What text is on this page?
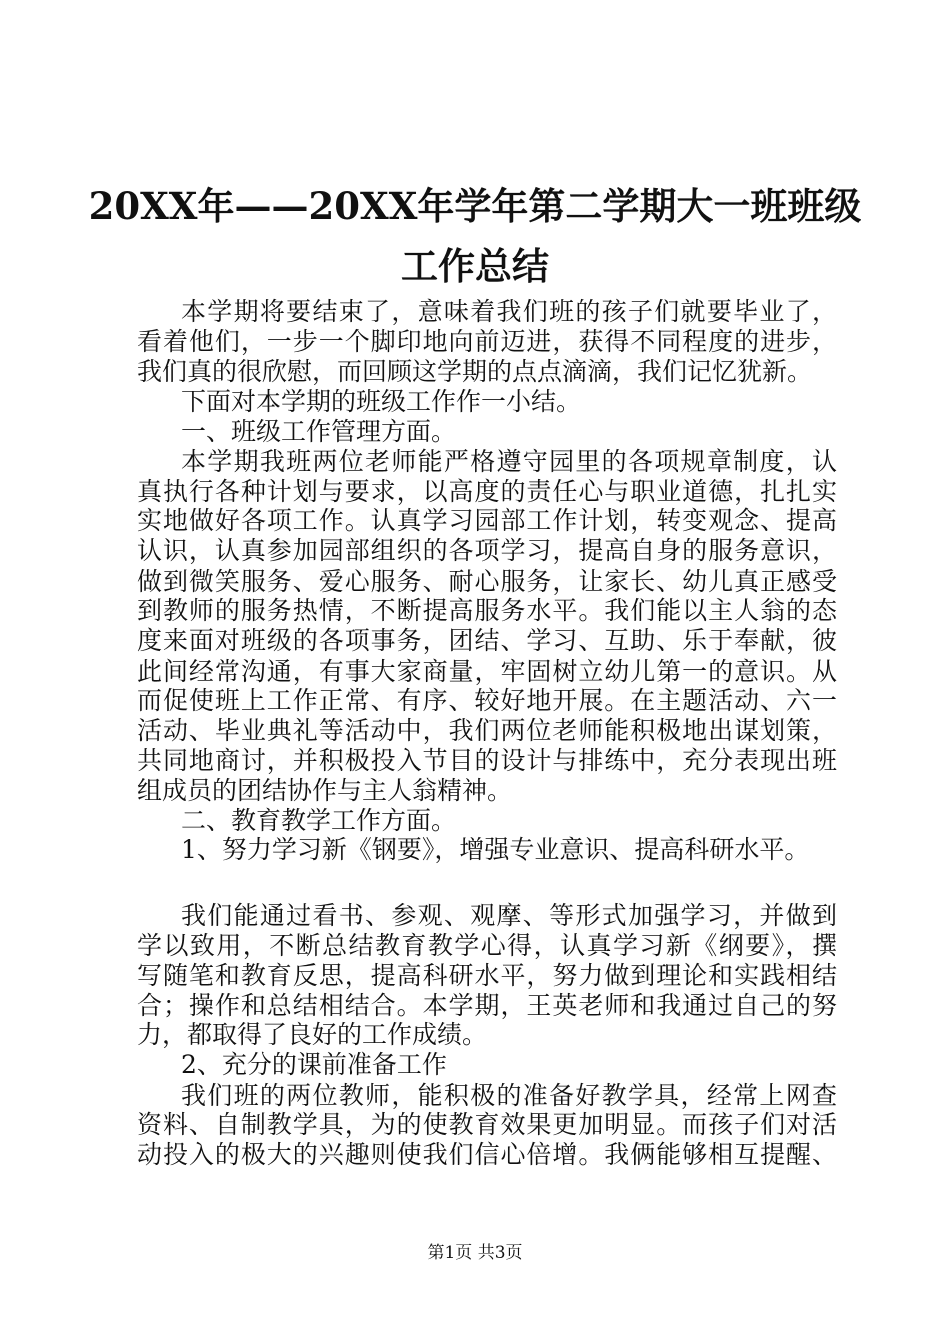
20XX年——20XX年学年第二学期大一班班级
工作总结
本学期将要结束了，意味着我们班的孩子们就要毕业了，
看着他们，一步一个脚印地向前迈进，获得不同程度的进步，
我们真的很欣慰，而回顾这学期的点点滴滴，我们记忆犹新。
下面对本学期的班级工作作一小结。
一、班级工作管理方面。
本学期我班两位老师能严格遵守园里的各项规章制度，认
真执行各种计划与要求，以高度的责任心与职业道德，扎扎实
实地做好各项工作。认真学习园部工作计划，转变观念、提高
认识，认真参加园部组织的各项学习，提高自身的服务意识，
做到微笑服务、爱心服务、耐心服务，让家长、幼儿真正感受
到教师的服务热情，不断提高服务水平。我们能以主人翁的态
度来面对班级的各项事务，团结、学习、互助、乐于奉献，彼
此间经常沟通，有事大家商量，牢固树立幼儿第一的意识。从
而促使班上工作正常、有序、较好地开展。在主题活动、六一
活动、毕业典礼等活动中，我们两位老师能积极地出谋划策，
共同地商讨，并积极投入节目的设计与排练中，充分表现出班
组成员的团结协作与主人翁精神。
二、教育教学工作方面。
1、努力学习新《钢要》，增强专业意识、提高科研水平。
我们能通过看书、参观、观摩、等形式加强学习，并做到
学以致用，不断总结教育教学心得，认真学习新《纲要》，撰
写随笔和教育反思，提高科研水平，努力做到理论和实践相结
合；操作和总结相结合。本学期，王英老师和我通过自己的努
力，都取得了良好的工作成绩。
2、充分的课前准备工作
我们班的两位教师，能积极的准备好教学具，经常上网查
资料、自制教学具，为的使教育效果更加明显。而孩子们对活
动投入的极大的兴趣则使我们信心倍增。我俩能够相互提醒、
第1页 共3页
